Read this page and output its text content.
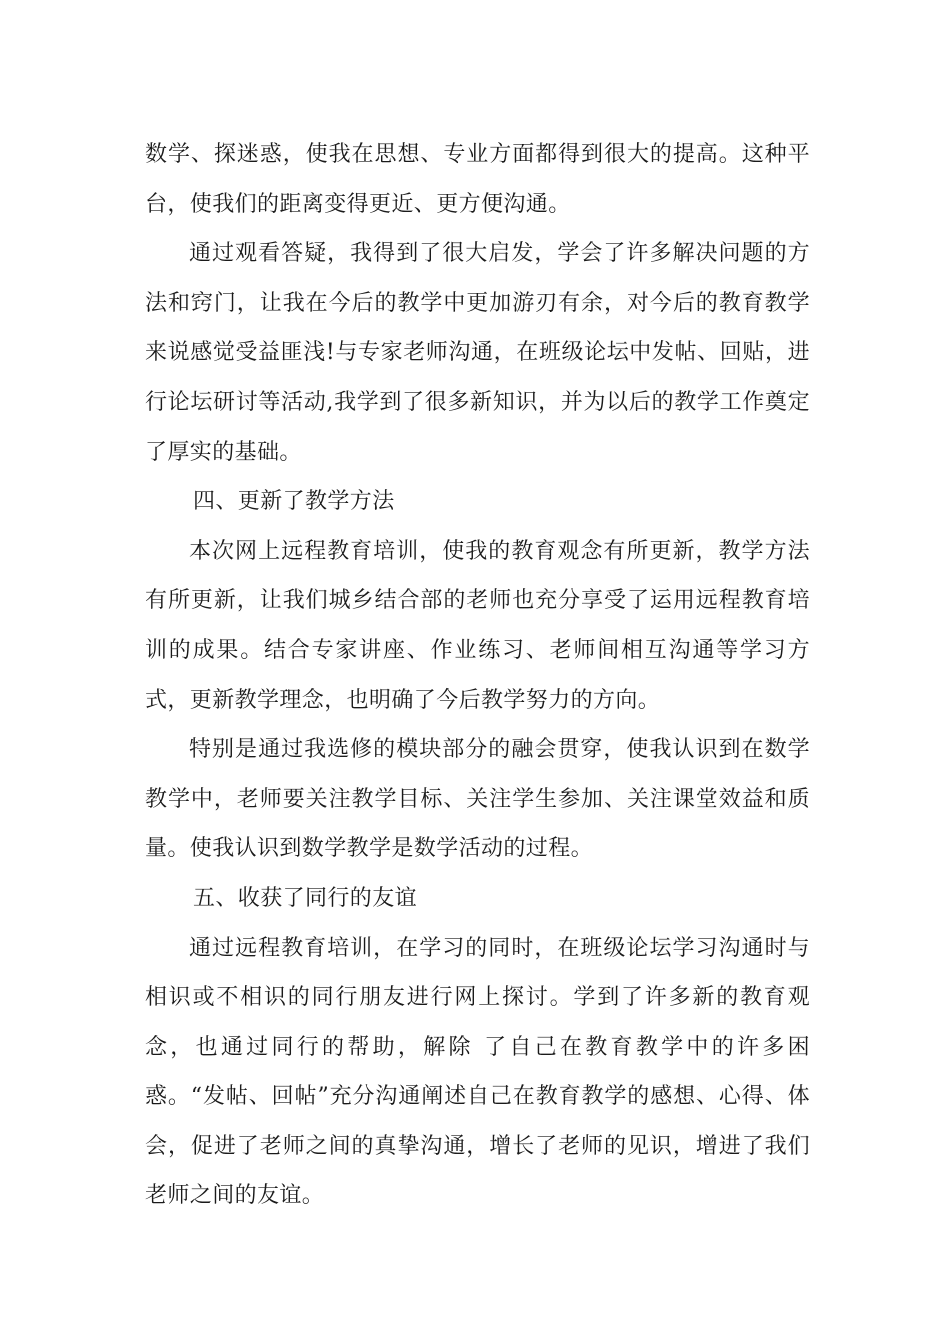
数学、探迷惑，使我在思想、专业方面都得到很大的提高。这种平台，使我们的距离变得更近、更方便沟通。

通过观看答疑，我得到了很大启发，学会了许多解决问题的方法和窍门，让我在今后的教学中更加游刃有余，对今后的教育教学来说感觉受益匪浅!与专家老师沟通，在班级论坛中发帖、回贴，进行论坛研讨等活动,我学到了很多新知识，并为以后的教学工作奠定了厚实的基础。

四、更新了教学方法

本次网上远程教育培训，使我的教育观念有所更新，教学方法有所更新，让我们城乡结合部的老师也充分享受了运用远程教育培训的成果。结合专家讲座、作业练习、老师间相互沟通等学习方式，更新教学理念，也明确了今后教学努力的方向。

特别是通过我选修的模块部分的融会贯穿，使我认识到在数学教学中，老师要关注教学目标、关注学生参加、关注课堂效益和质量。使我认识到数学教学是数学活动的过程。

五、收获了同行的友谊

通过远程教育培训，在学习的同时，在班级论坛学习沟通时与相识或不相识的同行朋友进行网上探讨。学到了许多新的教育观念，也通过同行的帮助，解除 了自己在教育教学中的许多困惑。“发帖、回帖”充分沟通阐述自己在教育教学的感想、心得、体会，促进了老师之间的真挚沟通，增长了老师的见识，增进了我们老师之间的友谊。
